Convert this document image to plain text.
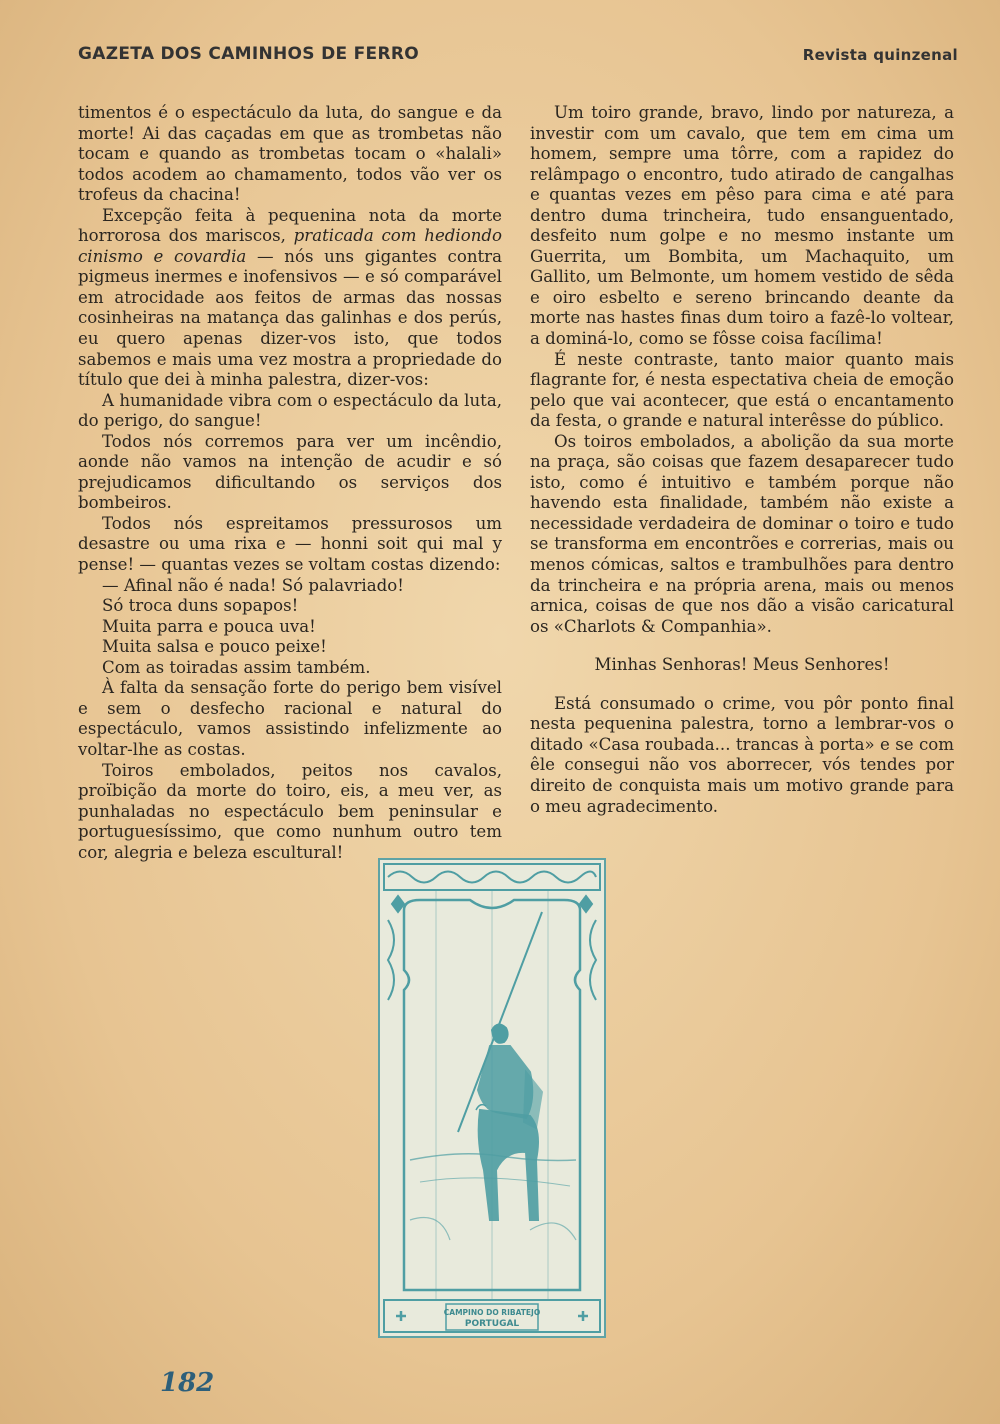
GAZETA DOS CAMINHOS DE FERRO	Revista quinzenal

timentos é o espectáculo da luta, do sangue e da morte! Ai das caçadas em que as trombetas não tocam e quando as trombetas tocam o «halali» todos acodem ao chamamento, todos vão ver os trofeus da chacina!

Excepção feita à pequenina nota da morte horrorosa dos mariscos, praticada com hediondo cinismo e covardia — nós uns gigantes contra pigmeus inermes e inofensivos — e só comparável em atrocidade aos feitos de armas das nossas cosinheiras na matança das galinhas e dos perús, eu quero apenas dizer-vos isto, que todos sabemos e mais uma vez mostra a propriedade do título que dei à minha palestra, dizer-vos:

A humanidade vibra com o espectáculo da luta, do perigo, do sangue!

Todos nós corremos para ver um incêndio, aonde não vamos na intenção de acudir e só prejudicamos dificultando os serviços dos bombeiros.

Todos nós espreitamos pressurosos um desastre ou uma rixa e — honni soit qui mal y pense! — quantas vezes se voltam costas dizendo:

— Afinal não é nada! Só palavriado!

Só troca duns sopapos!

Muita parra e pouca uva!

Muita salsa e pouco peixe!

Com as toiradas assim também.

À falta da sensação forte do perigo bem visível e sem o desfecho racional e natural do espectáculo, vamos assistindo infelizmente ao voltar-lhe as costas.

Toiros embolados, peitos nos cavalos, proïbição da morte do toiro, eis, a meu ver, as punhaladas no espectáculo bem peninsular e portuguesíssimo, que como nunhum outro tem cor, alegria e beleza escultural!

Um toiro grande, bravo, lindo por natureza, a investir com um cavalo, que tem em cima um homem, sempre uma tôrre, com a rapidez do relâmpago o encontro, tudo atirado de cangalhas e quantas vezes em pêso para cima e até para dentro duma trincheira, tudo ensanguentado, desfeito num golpe e no mesmo instante um Guerrita, um Bombita, um Machaquito, um Gallito, um Belmonte, um homem vestido de sêda e oiro esbelto e sereno brincando deante da morte nas hastes finas dum toiro a fazê-lo voltear, a dominá-lo, como se fôsse coisa facílima!

É neste contraste, tanto maior quanto mais flagrante for, é nesta espectativa cheia de emoção pelo que vai acontecer, que está o encantamento da festa, o grande e natural interêsse do público.

Os toiros embolados, a abolição da sua morte na praça, são coisas que fazem desaparecer tudo isto, como é intuitivo e também porque não havendo esta finalidade, também não existe a necessidade verdadeira de dominar o toiro e tudo se transforma em encontrões e correrias, mais ou menos cómicas, saltos e trambulhões para dentro da trincheira e na própria arena, mais ou menos arnica, coisas de que nos dão a visão caricatural os «Charlots & Companhia».

Minhas Senhoras! Meus Senhores!

Está consumado o crime, vou pôr ponto final nesta pequenina palestra, torno a lembrar-vos o ditado «Casa roubada... trancas à porta» e se com êle consegui não vos aborrecer, vós tendes por direito de conquista mais um motivo grande para o meu agradecimento.

CAMPINO DO RIBATEJO
PORTUGAL
182
